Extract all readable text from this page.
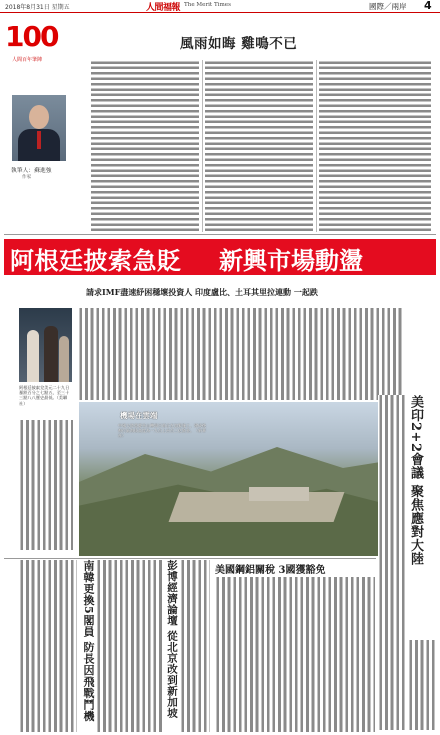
2018年8月31日 星期五	人間福報 The Merit Times	國際／兩岸 4
100
人間百年筆陣
執筆人：蘇進強
作家
風雨如晦 雞鳴不已
阿根廷披索急貶 新興市場動盪
請求IMF盡速紓困穩壞投資人 印度盧比、土耳其里拉連動 一起跌
阿根廷披索兌美元二十九日暴跌百分之七點五，至三十三點八八歷史最低。（美聯社）
機場在雲端
中國大陸重慶巫山機場日前正在加緊施工，建成後飛行區海拔高度為一九百上台百三亿資金。（新華社）	美印2+2會議 聚焦應對大陸
南韓更換5閣員 防長因飛戰鬥機	彭博經濟論壇 從北京改到新加坡	美國鋼鋁關稅 3國獲豁免
